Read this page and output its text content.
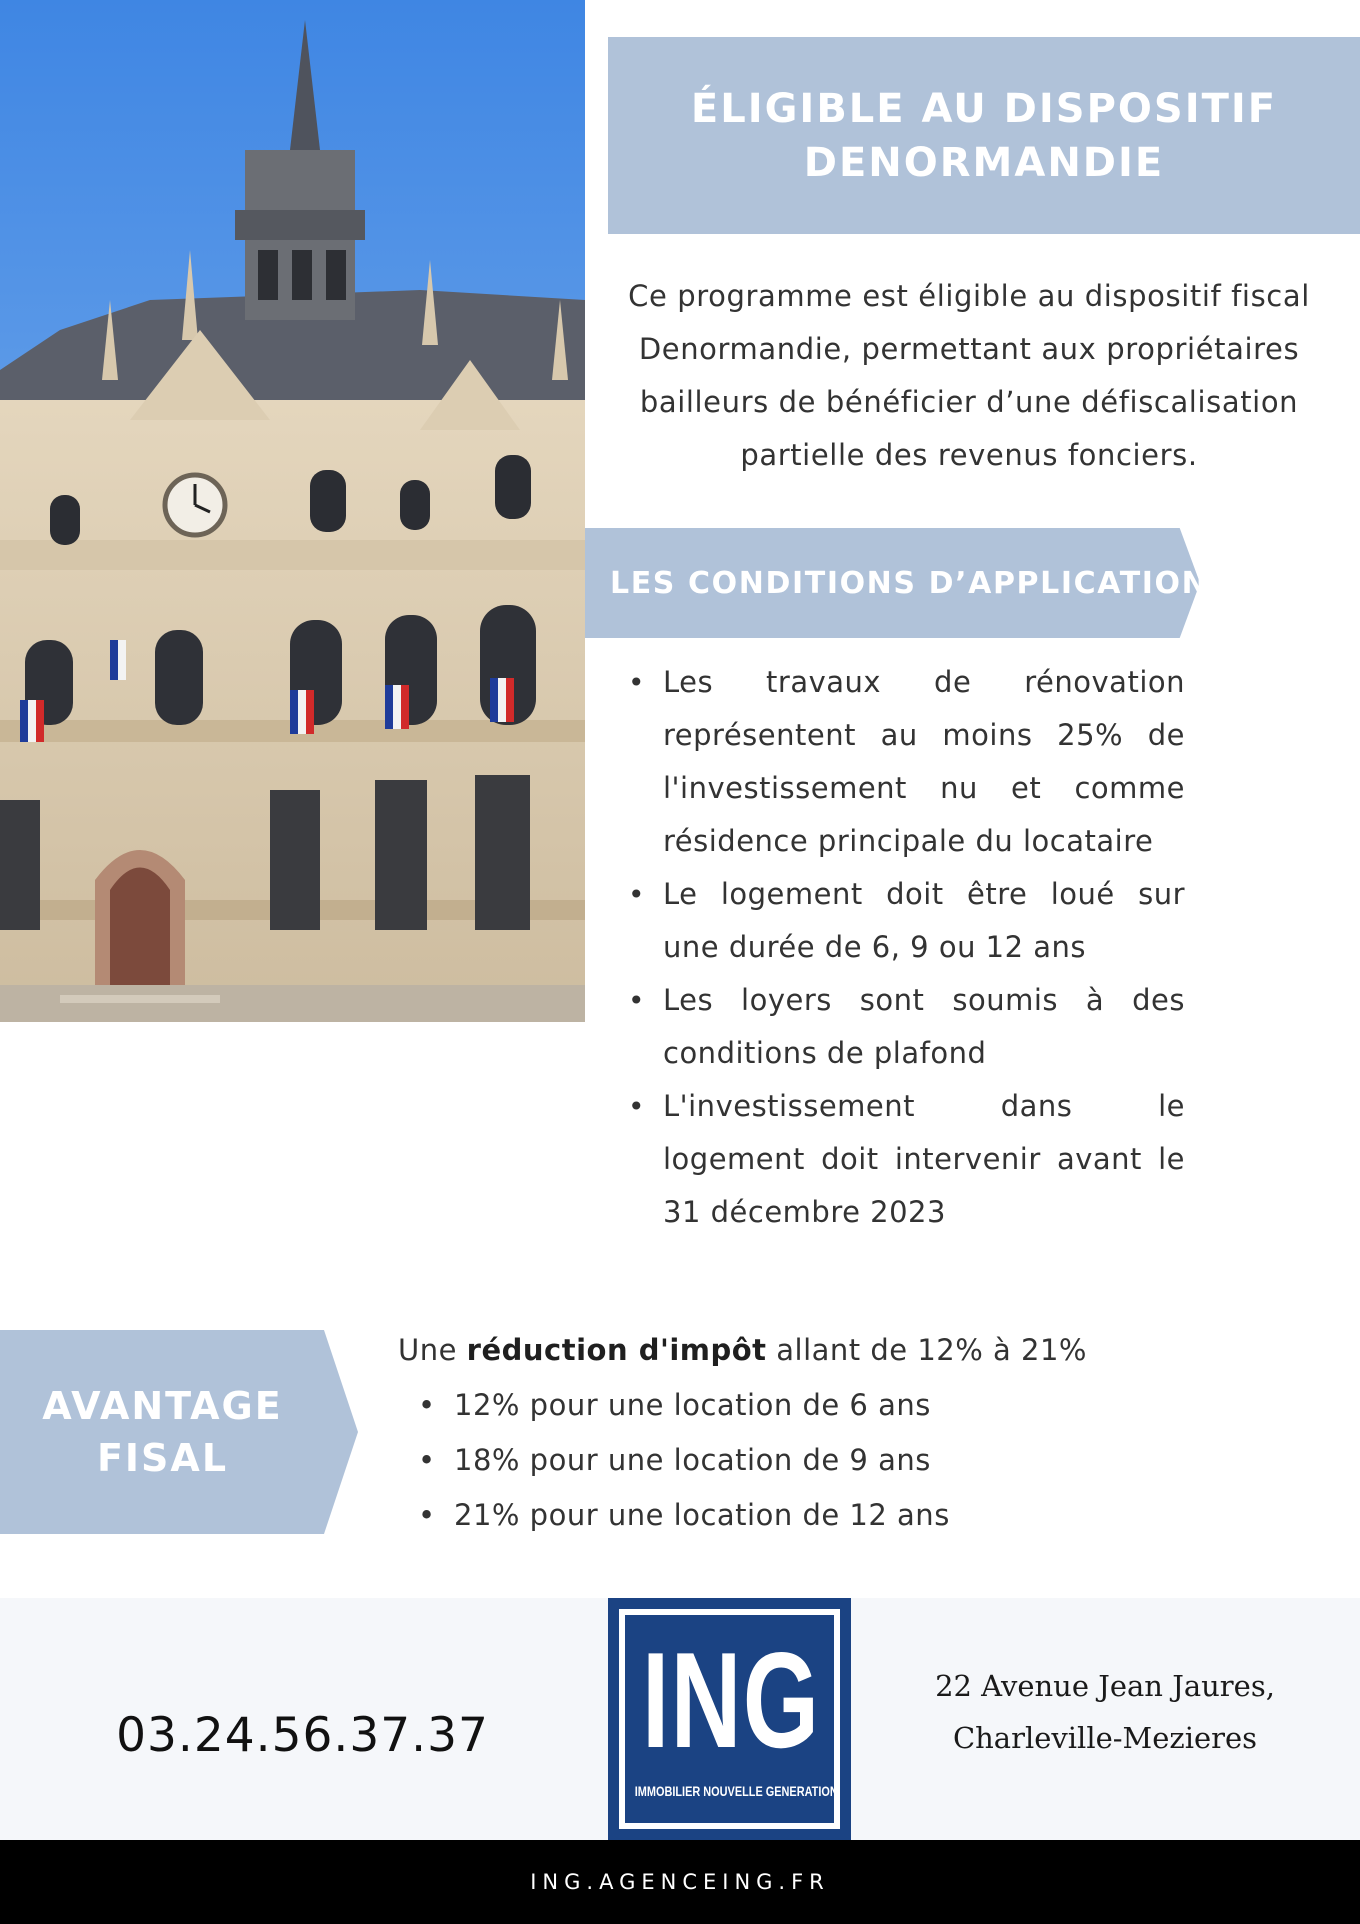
ÉLIGIBLE AU DISPOSITIF
DENORMANDIE
Ce programme est éligible au dispositif fiscal
Denormandie, permettant aux propriétaires
bailleurs de bénéficier d’une défiscalisation
partielle des revenus fonciers.
LES CONDITIONS D’APPLICATION
• Les travaux de rénovation
représentent au moins 25% de
l'investissement nu et comme
résidence principale du locataire
• Le logement doit être loué sur
une durée de 6, 9 ou 12 ans
• Les loyers sont soumis à des
conditions de plafond
• L'investissement dans le
logement doit intervenir avant le
31 décembre 2023
AVANTAGE
FISAL
Une réduction d'impôt allant de 12% à 21%
• 12% pour une location de 6 ans
• 18% pour une location de 9 ans
• 21% pour une location de 12 ans
03.24.56.37.37	ING
IMMOBILIER NOUVELLE GENERATION
22 Avenue Jean Jaures,
Charleville-Mezieres
ING.AGENCEING.FR
